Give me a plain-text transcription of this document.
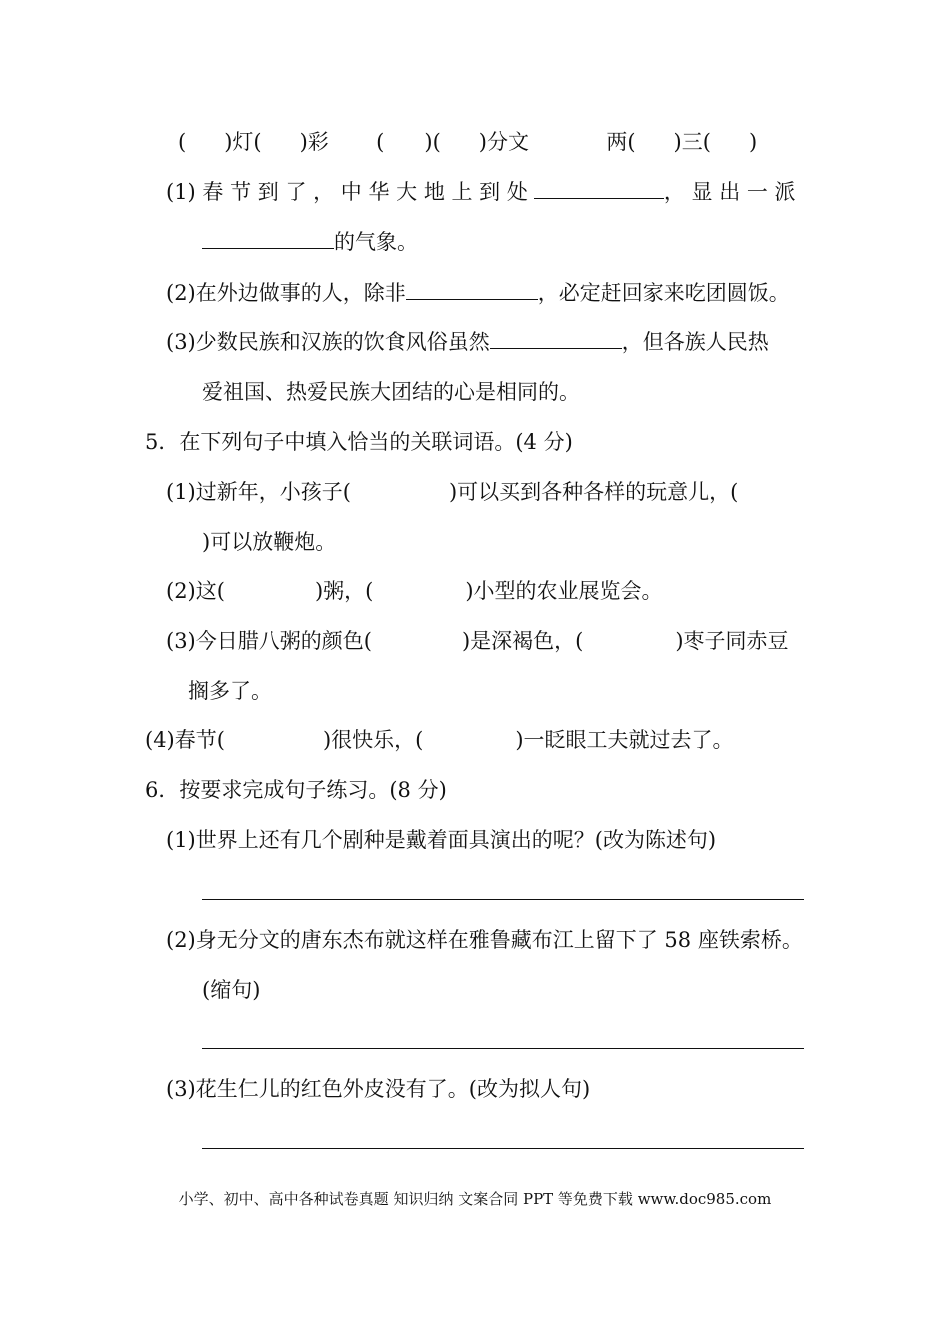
( )灯( )彩 ( )( )分文	两( )三( )
(1) 春 节 到 了 ， 中 华 大 地 上 到 处	， 显 出 一 派
的气象。
(2)在外边做事的人，除非	，必定赶回家来吃团圆饭。
(3)少数民族和汉族的饮食风俗虽然	，但各族人民热
爱祖国、热爱民族大团结的心是相同的。
5．在下列句子中填入恰当的关联词语。(4 分)
(1)过新年，小孩子(	)可以买到各种各样的玩意儿，(
)可以放鞭炮。
(2)这(	)粥，(	)小型的农业展览会。
(3)今日腊八粥的颜色(	)是深褐色，(	)枣子同赤豆
搁多了。
(4)春节(	)很快乐，(	)一眨眼工夫就过去了。
6．按要求完成句子练习。(8 分)
(1)世界上还有几个剧种是戴着面具演出的呢？(改为陈述句)
(2)身无分文的唐东杰布就这样在雅鲁藏布江上留下了 58 座铁索桥。
(缩句)
(3)花生仁儿的红色外皮没有了。(改为拟人句)
小学、初中、高中各种试卷真题 知识归纳 文案合同 PPT 等免费下载 www.doc985.com
